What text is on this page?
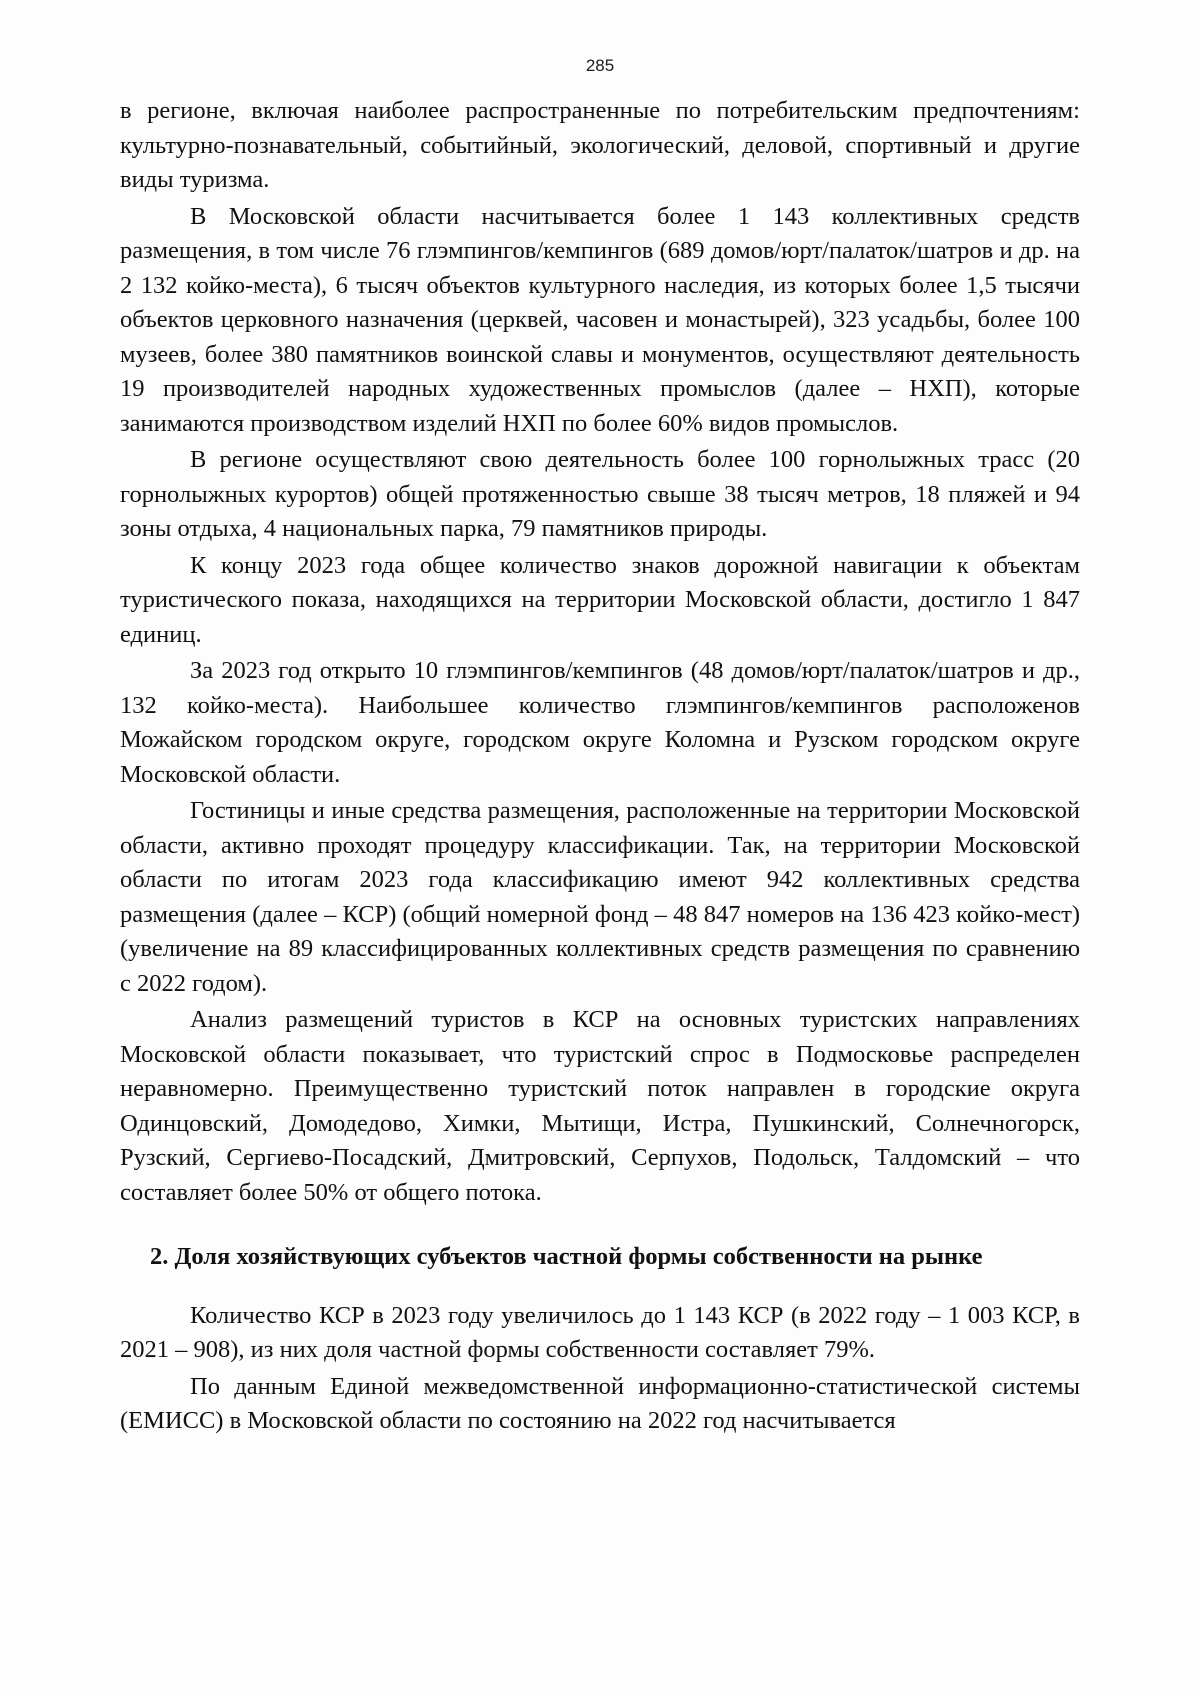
285

в регионе, включая наиболее распространенные по потребительским предпочтениям: культурно-познавательный, событийный, экологический, деловой, спортивный и другие виды туризма.

В Московской области насчитывается более 1 143 коллективных средств размещения, в том числе 76 глэмпингов/кемпингов (689 домов/юрт/палаток/шатров и др. на 2 132 койко-места), 6 тысяч объектов культурного наследия, из которых более 1,5 тысячи объектов церковного назначения (церквей, часовен и монастырей), 323 усадьбы, более 100 музеев, более 380 памятников воинской славы и монументов, осуществляют деятельность 19 производителей народных художественных промыслов (далее – НХП), которые занимаются производством изделий НХП по более 60% видов промыслов.

В регионе осуществляют свою деятельность более 100 горнолыжных трасс (20 горнолыжных курортов) общей протяженностью свыше 38 тысяч метров, 18 пляжей и 94 зоны отдыха, 4 национальных парка, 79 памятников природы.

К концу 2023 года общее количество знаков дорожной навигации к объектам туристического показа, находящихся на территории Московской области, достигло 1 847 единиц.

За 2023 год открыто 10 глэмпингов/кемпингов (48 домов/юрт/палаток/шатров и др., 132 койко-места). Наибольшее количество глэмпингов/кемпингов расположенов Можайском городском округе, городском округе Коломна и Рузском городском округе Московской области.

Гостиницы и иные средства размещения, расположенные на территории Московской области, активно проходят процедуру классификации. Так, на территории Московской области по итогам 2023 года классификацию имеют 942 коллективных средства размещения (далее – КСР) (общий номерной фонд – 48 847 номеров на 136 423 койко-мест) (увеличение на 89 классифицированных коллективных средств размещения по сравнению с 2022 годом).

Анализ размещений туристов в КСР на основных туристских направлениях Московской области показывает, что туристский спрос в Подмосковье распределен неравномерно. Преимущественно туристский поток направлен в городские округа Одинцовский, Домодедово, Химки, Мытищи, Истра, Пушкинский, Солнечногорск, Рузский, Сергиево-Посадский, Дмитровский, Серпухов, Подольск, Талдомский – что составляет более 50% от общего потока.

2. Доля хозяйствующих субъектов частной формы собственности на рынке

Количество КСР в 2023 году увеличилось до 1 143 КСР (в 2022 году – 1 003 КСР, в 2021 – 908), из них доля частной формы собственности составляет 79%.

По данным Единой межведомственной информационно-статистической системы (ЕМИСС) в Московской области по состоянию на 2022 год насчитывается
